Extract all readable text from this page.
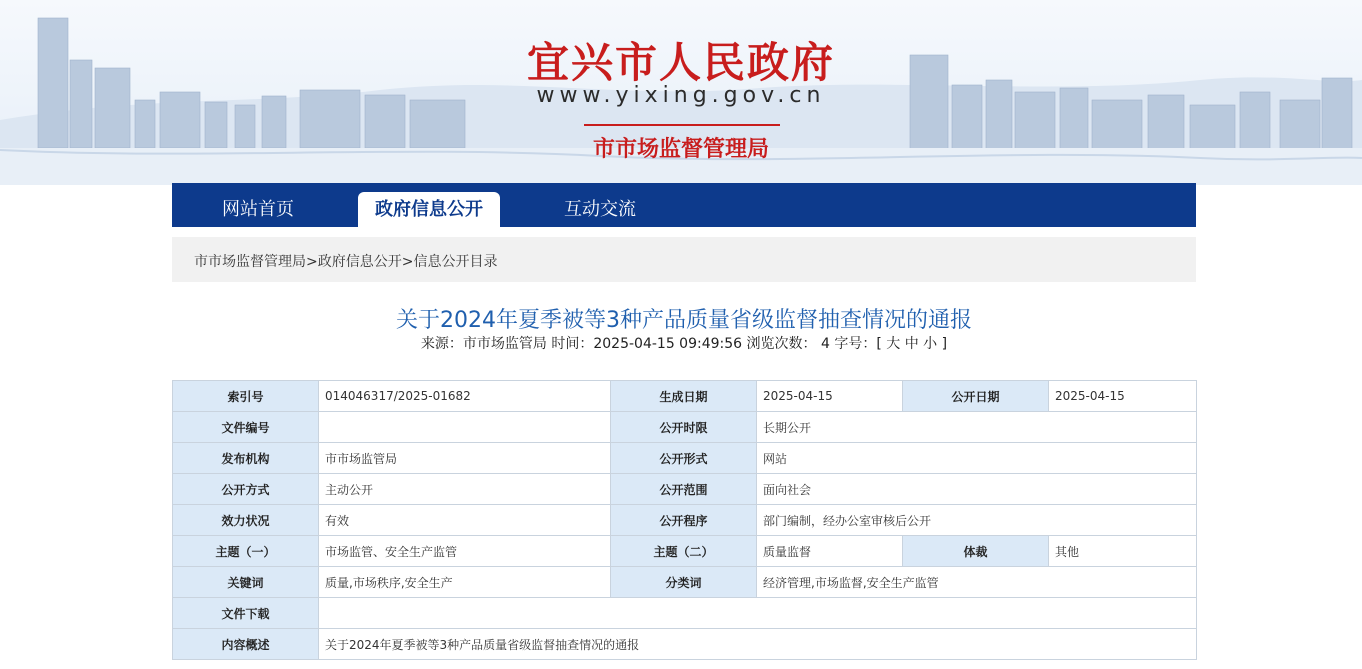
宜兴市人民政府
www.yixing.gov.cn
市市场监督管理局
网站首页	政府信息公开	互动交流
市市场监督管理局>政府信息公开>信息公开目录
关于2024年夏季被等3种产品质量省级监督抽查情况的通报
来源：市市场监管局 时间：2025-04-15 09:49:56 浏览次数： 4 字号：[ 大 中 小 ]
索引号	014046317/2025-01682	生成日期	2025-04-15	公开日期	2025-04-15
文件编号		公开时限	长期公开		
发布机构	市市场监管局	公开形式	网站		
公开方式	主动公开	公开范围	面向社会		
效力状况	有效	公开程序	部门编制，经办公室审核后公开		
主题（一）	市场监管、安全生产监管	主题（二）	质量监督	体裁	其他
关键词	质量,市场秩序,安全生产	分类词	经济管理,市场监督,安全生产监管		
文件下载					
内容概述	关于2024年夏季被等3种产品质量省级监督抽查情况的通报				
